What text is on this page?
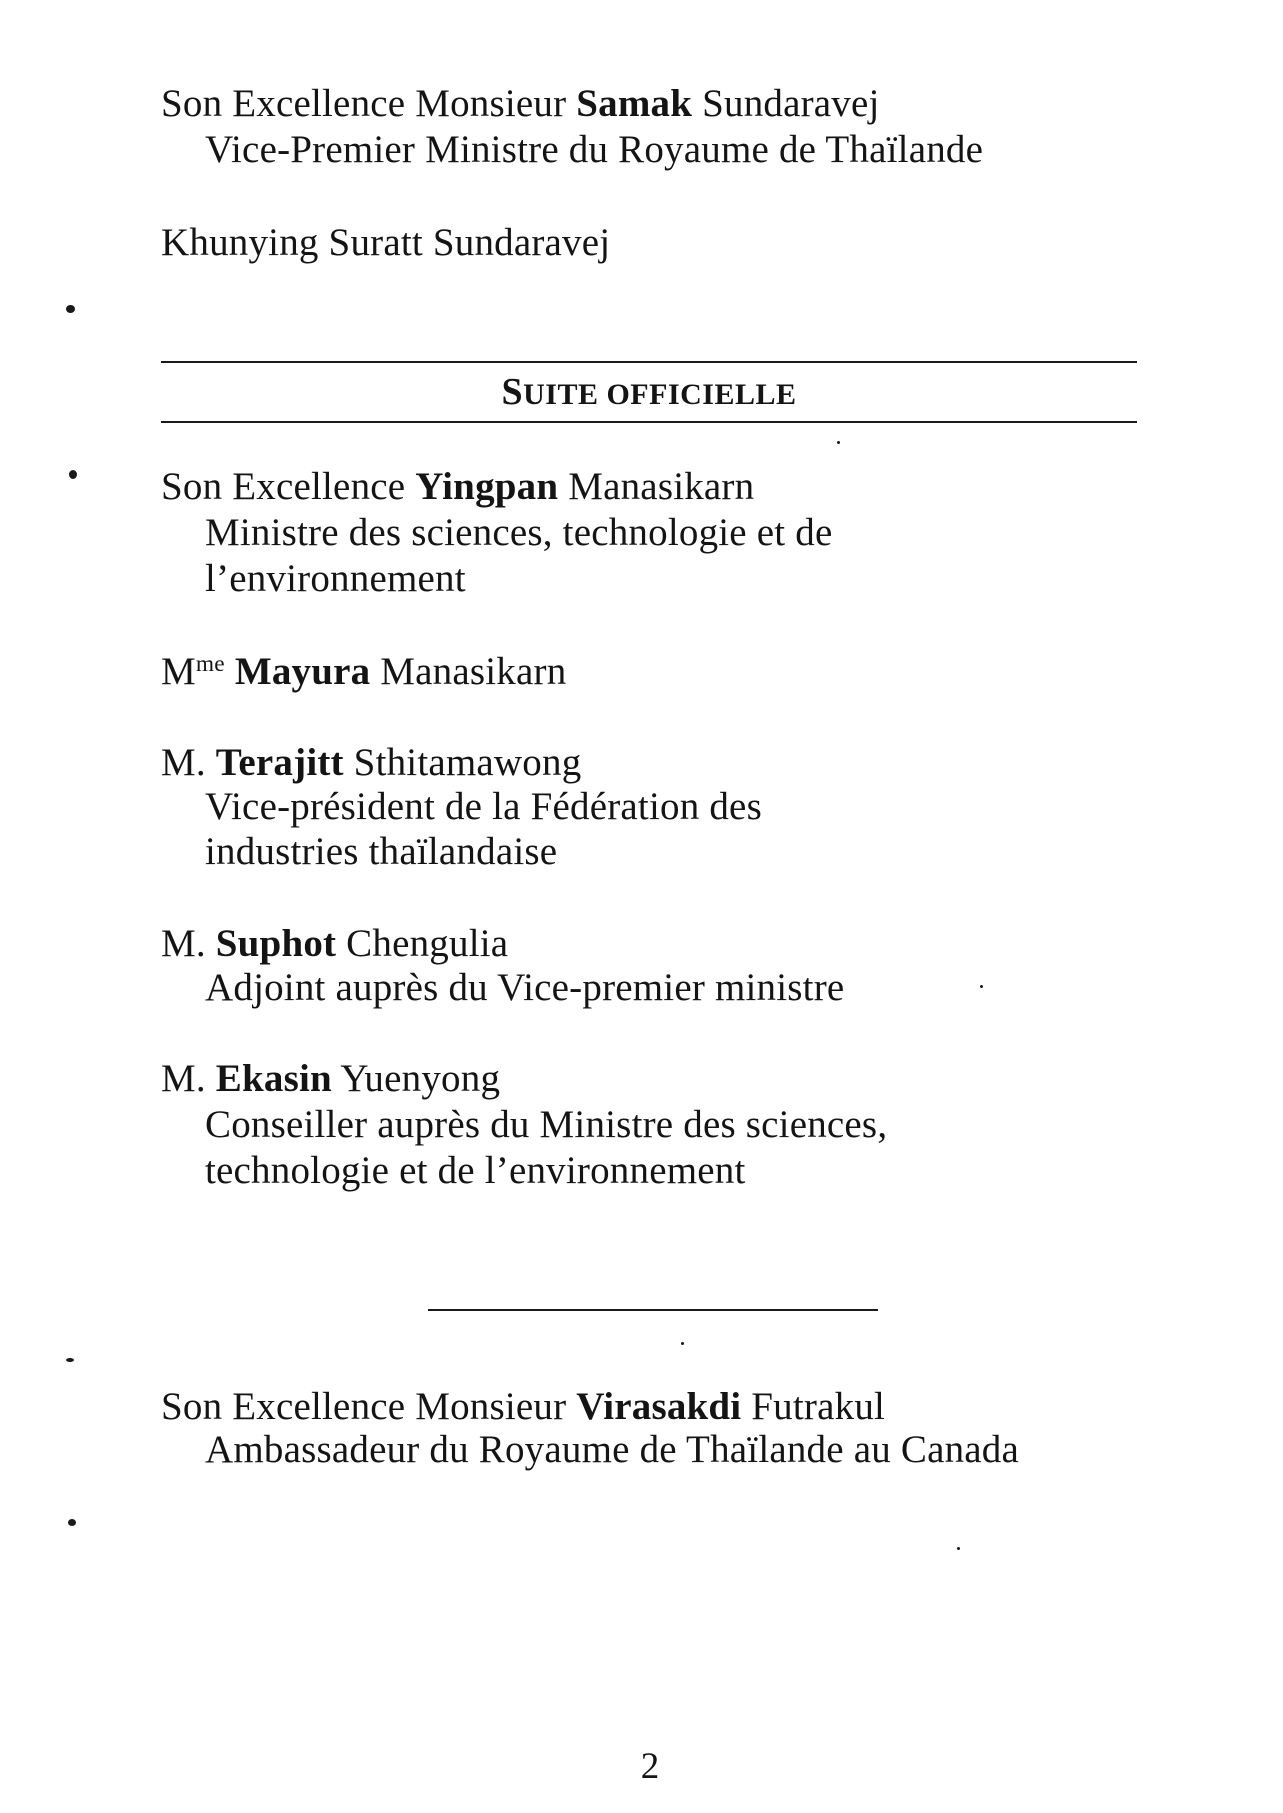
Son Excellence Monsieur Samak Sundaravej
Vice-Premier Ministre du Royaume de Thaïlande
Khunying Suratt Sundaravej
SUITE OFFICIELLE
Son Excellence Yingpan Manasikarn
Ministre des sciences, technologie et de
l’environnement
$M^{me}$ Mayura Manasikarn
M. Terajitt Sthitamawong
Vice-président de la Fédération des
industries thaïlandaise
M. Suphot Chengulia
Adjoint auprès du Vice-premier ministre
M. Ekasin Yuenyong
Conseiller auprès du Ministre des sciences,
technologie et de l’environnement
Son Excellence Monsieur Virasakdi Futrakul
Ambassadeur du Royaume de Thaïlande au Canada
2
